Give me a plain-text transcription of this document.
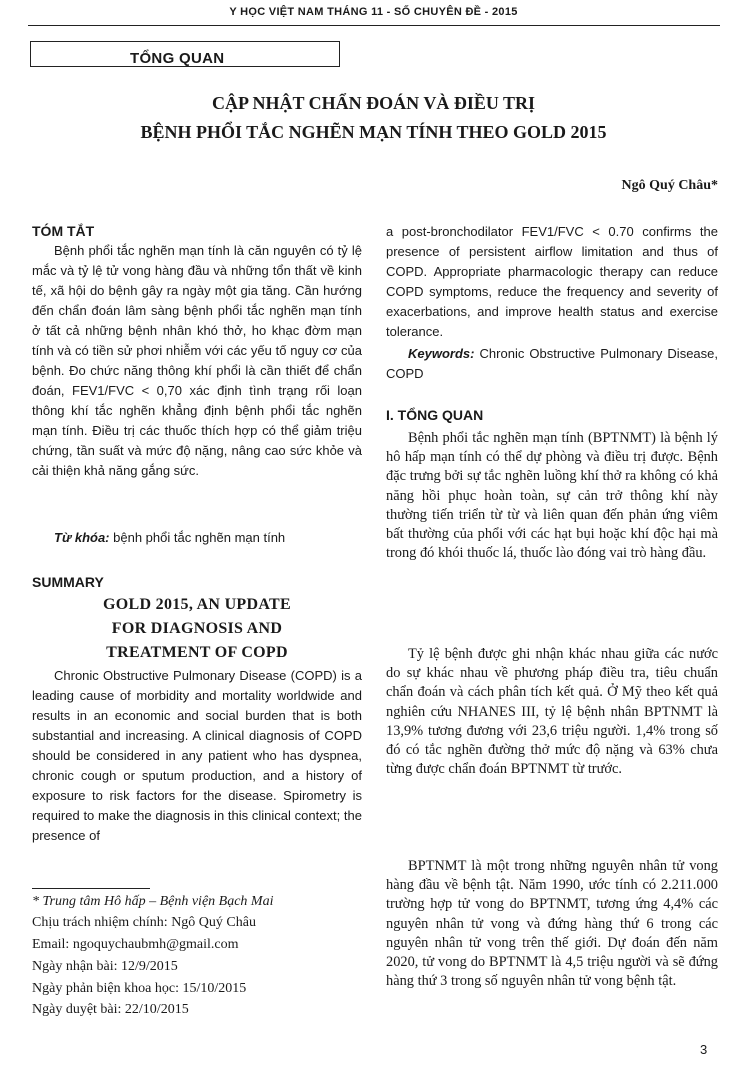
Y HỌC VIỆT NAM THÁNG 11 - SỐ CHUYÊN ĐỀ - 2015
TỔNG QUAN
CẬP NHẬT CHẨN ĐOÁN VÀ ĐIỀU TRỊ
BỆNH PHỔI TẮC NGHẼN MẠN TÍNH THEO GOLD 2015
Ngô Quý Châu*
TÓM TẮT
Bệnh phổi tắc nghẽn mạn tính là căn nguyên có tỷ lệ mắc và tỷ lệ tử vong hàng đầu và những tổn thất về kinh tế, xã hội do bệnh gây ra ngày một gia tăng. Cần hướng đến chẩn đoán lâm sàng bệnh phổi tắc nghẽn mạn tính ở tất cả những bệnh nhân khó thở, ho khạc đờm mạn tính và có tiền sử phơi nhiễm với các yếu tố nguy cơ của bệnh. Đo chức năng thông khí phổi là cần thiết để chẩn đoán, FEV1/FVC < 0,70 xác định tình trạng rối loạn thông khí tắc nghẽn khẳng định bệnh phổi tắc nghẽn mạn tính. Điều trị các thuốc thích hợp có thể giảm triệu chứng, tần suất và mức độ nặng, nâng cao sức khỏe và cải thiện khả năng gắng sức.
Từ khóa: bệnh phổi tắc nghẽn mạn tính
SUMMARY
GOLD 2015, AN UPDATE
FOR DIAGNOSIS AND
TREATMENT OF COPD
Chronic Obstructive Pulmonary Disease (COPD) is a leading cause of morbidity and mortality worldwide and results in an economic and social burden that is both substantial and increasing. A clinical diagnosis of COPD should be considered in any patient who has dyspnea, chronic cough or sputum production, and a history of exposure to risk factors for the disease. Spirometry is required to make the diagnosis in this clinical context; the presence of
* Trung tâm Hô hấp – Bệnh viện Bạch Mai
Chịu trách nhiệm chính: Ngô Quý Châu
Email: ngoquychaubmh@gmail.com
Ngày nhận bài: 12/9/2015
Ngày phản biện khoa học: 15/10/2015
Ngày duyệt bài: 22/10/2015
a post-bronchodilator FEV1/FVC < 0.70 confirms the presence of persistent airflow limitation and thus of COPD. Appropriate pharmacologic therapy can reduce COPD symptoms, reduce the frequency and severity of exacerbations, and improve health status and exercise tolerance.
Keywords: Chronic Obstructive Pulmonary Disease, COPD
I. TỔNG QUAN
Bệnh phổi tắc nghẽn mạn tính (BPTNMT) là bệnh lý hô hấp mạn tính có thể dự phòng và điều trị được. Bệnh đặc trưng bởi sự tắc nghẽn luồng khí thở ra không có khả năng hồi phục hoàn toàn, sự cản trở thông khí này thường tiến triển từ từ và liên quan đến phản ứng viêm bất thường của phổi với các hạt bụi hoặc khí độc hại mà trong đó khói thuốc lá, thuốc lào đóng vai trò hàng đầu.
Tỷ lệ bệnh được ghi nhận khác nhau giữa các nước do sự khác nhau về phương pháp điều tra, tiêu chuẩn chẩn đoán và cách phân tích kết quả. Ở Mỹ theo kết quả nghiên cứu NHANES III, tỷ lệ bệnh nhân BPTNMT là 13,9% tương đương với 23,6 triệu người. 1,4% trong số đó có tắc nghẽn đường thở mức độ nặng và 63% chưa từng được chẩn đoán BPTNMT từ trước.
BPTNMT là một trong những nguyên nhân tử vong hàng đầu về bệnh tật. Năm 1990, ước tính có 2.211.000 trường hợp tử vong do BPTNMT, tương ứng 4,4% các nguyên nhân tử vong và đứng hàng thứ 6 trong các nguyên nhân tử vong trên thế giới. Dự đoán đến năm 2020, tử vong do BPTNMT là 4,5 triệu người và sẽ đứng hàng thứ 3 trong số nguyên nhân tử vong bệnh tật.
3
